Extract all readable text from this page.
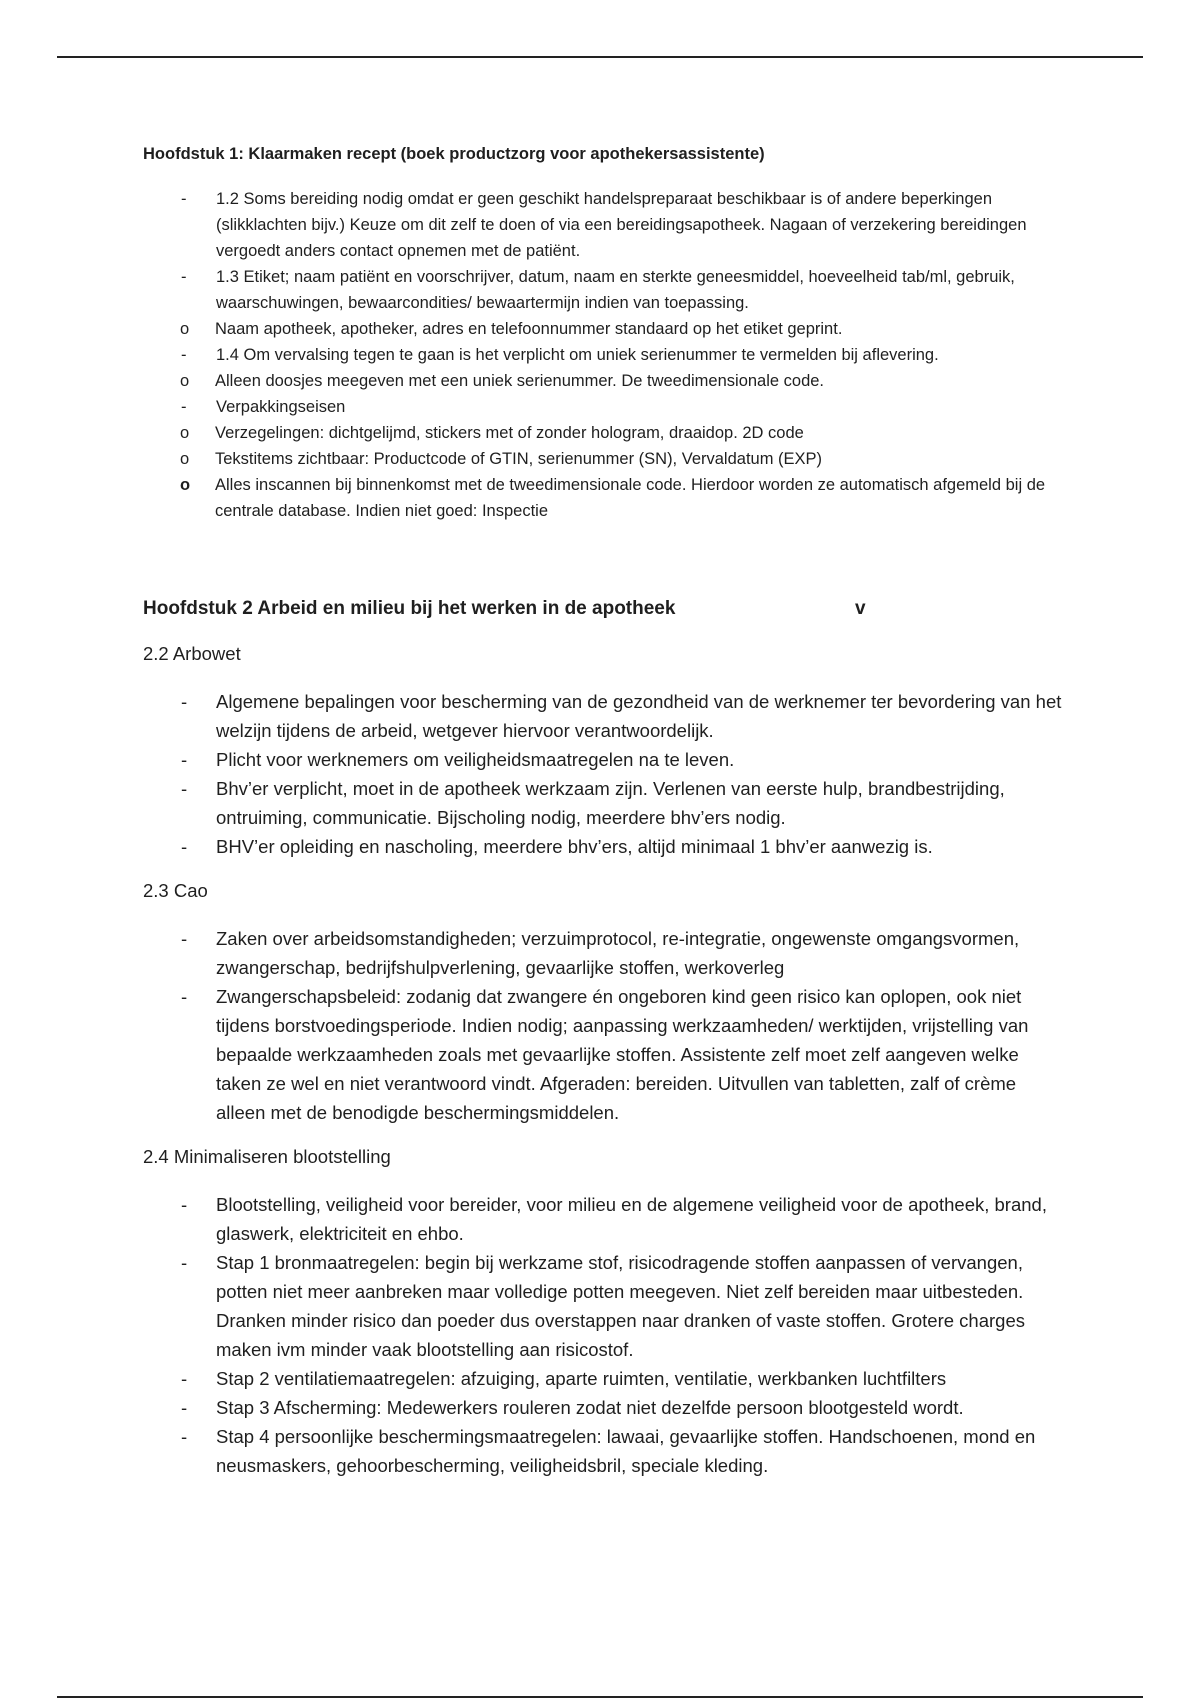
Hoofdstuk 1: Klaarmaken recept (boek productzorg voor apothekersassistente)
- 1.2 Soms bereiding nodig omdat er geen geschikt handelspreparaat beschikbaar is of andere beperkingen (slikklachten bijv.) Keuze om dit zelf te doen of via een bereidingsapotheek. Nagaan of verzekering bereidingen vergoedt anders contact opnemen met de patiënt.
- 1.3 Etiket; naam patiënt en voorschrijver, datum, naam en sterkte geneesmiddel, hoeveelheid tab/ml, gebruik, waarschuwingen, bewaarcondities/ bewaartermijn indien van toepassing.
o Naam apotheek, apotheker, adres en telefoonnummer standaard op het etiket geprint.
- 1.4 Om vervalsing tegen te gaan is het verplicht om uniek serienummer te vermelden bij aflevering.
o Alleen doosjes meegeven met een uniek serienummer. De tweedimensionale code.
- Verpakkingseisen
o Verzegelingen: dichtgelijmd, stickers met of zonder hologram, draaidop. 2D code
o Tekstitems zichtbaar: Productcode of GTIN, serienummer (SN), Vervaldatum (EXP)
o Alles inscannen bij binnenkomst met de tweedimensionale code. Hierdoor worden ze automatisch afgemeld bij de centrale database. Indien niet goed: Inspectie
Hoofdstuk 2 Arbeid en milieu bij het werken in de apotheek	v
2.2 Arbowet
- Algemene bepalingen voor bescherming van de gezondheid van de werknemer ter bevordering van het welzijn tijdens de arbeid, wetgever hiervoor verantwoordelijk.
- Plicht voor werknemers om veiligheidsmaatregelen na te leven.
- Bhv’er verplicht, moet in de apotheek werkzaam zijn. Verlenen van eerste hulp, brandbestrijding, ontruiming, communicatie. Bijscholing nodig, meerdere bhv’ers nodig.
- BHV’er opleiding en nascholing, meerdere bhv’ers, altijd minimaal 1 bhv’er aanwezig is.
2.3 Cao
- Zaken over arbeidsomstandigheden; verzuimprotocol, re-integratie, ongewenste omgangsvormen, zwangerschap, bedrijfshulpverlening, gevaarlijke stoffen, werkoverleg
- Zwangerschapsbeleid: zodanig dat zwangere én ongeboren kind geen risico kan oplopen, ook niet tijdens borstvoedingsperiode. Indien nodig; aanpassing werkzaamheden/ werktijden, vrijstelling van bepaalde werkzaamheden zoals met gevaarlijke stoffen. Assistente zelf moet zelf aangeven welke taken ze wel en niet verantwoord vindt. Afgeraden: bereiden. Uitvullen van tabletten, zalf of crème alleen met de benodigde beschermingsmiddelen.
2.4 Minimaliseren blootstelling
- Blootstelling, veiligheid voor bereider, voor milieu en de algemene veiligheid voor de apotheek, brand, glaswerk, elektriciteit en ehbo.
- Stap 1 bronmaatregelen: begin bij werkzame stof, risicodragende stoffen aanpassen of vervangen, potten niet meer aanbreken maar volledige potten meegeven. Niet zelf bereiden maar uitbesteden. Dranken minder risico dan poeder dus overstappen naar dranken of vaste stoffen. Grotere charges maken ivm minder vaak blootstelling aan risicostof.
- Stap 2 ventilatiemaatregelen: afzuiging, aparte ruimten, ventilatie, werkbanken luchtfilters
- Stap 3 Afscherming: Medewerkers rouleren zodat niet dezelfde persoon blootgesteld wordt.
- Stap 4 persoonlijke beschermingsmaatregelen: lawaai, gevaarlijke stoffen. Handschoenen, mond en neusmaskers, gehoorbescherming, veiligheidsbril, speciale kleding.
